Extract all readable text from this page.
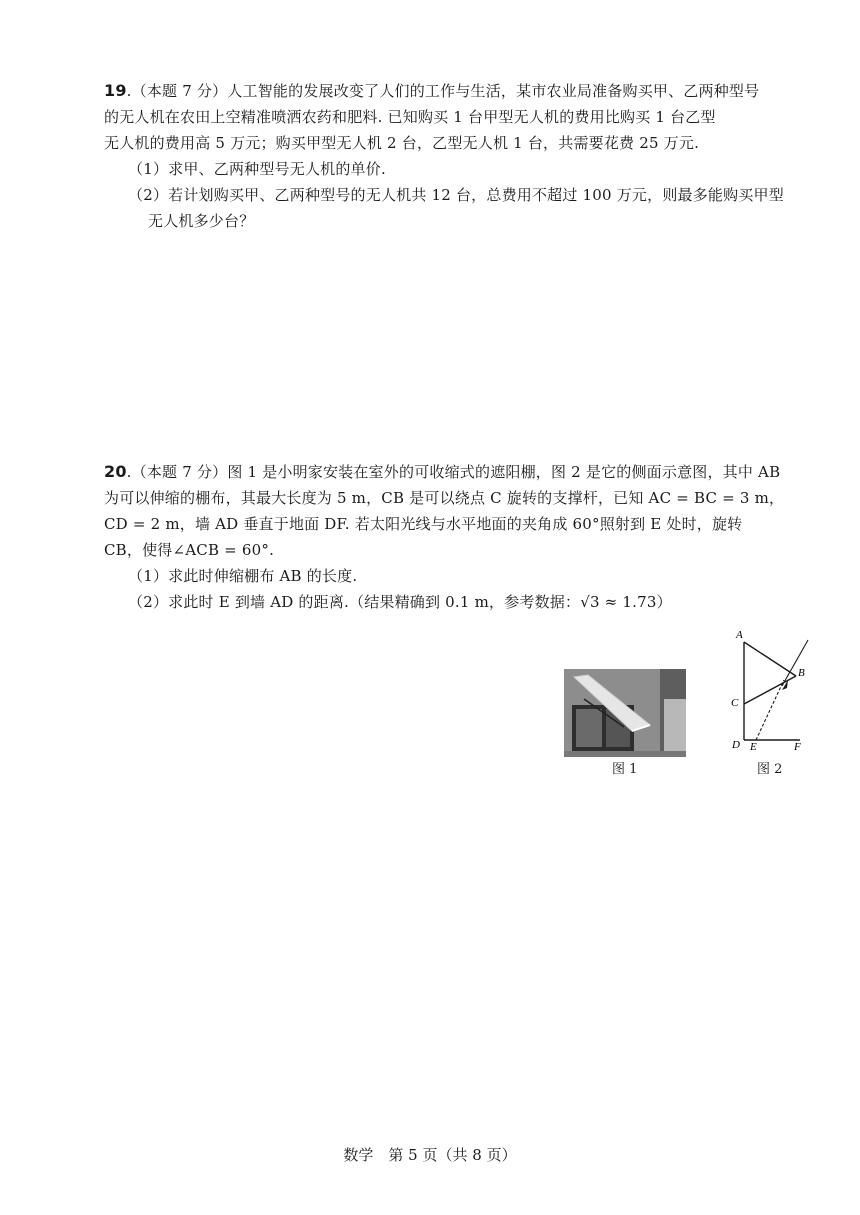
19.（本题 7 分）人工智能的发展改变了人们的工作与生活，某市农业局准备购买甲、乙两种型号
的无人机在农田上空精准喷洒农药和肥料. 已知购买 1 台甲型无人机的费用比购买 1 台乙型
无人机的费用高 5 万元；购买甲型无人机 2 台，乙型无人机 1 台，共需要花费 25 万元.
（1）求甲、乙两种型号无人机的单价.
（2）若计划购买甲、乙两种型号的无人机共 12 台，总费用不超过 100 万元，则最多能购买甲型
无人机多少台？
20.（本题 7 分）图 1 是小明家安装在室外的可收缩式的遮阳棚，图 2 是它的侧面示意图，其中 AB
为可以伸缩的棚布，其最大长度为 5 m，CB 是可以绕点 C 旋转的支撑杆，已知 AC = BC = 3 m，
CD = 2 m，墙 AD 垂直于地面 DF. 若太阳光线与水平地面的夹角成 60°照射到 E 处时，旋转
CB，使得∠ACB = 60°.
（1）求此时伸缩棚布 AB 的长度.
（2）求此时 E 到墙 AD 的距离.（结果精确到 0.1 m，参考数据：√3 ≈ 1.73）
图 1
A
B
C
D E	F
图 2
数学　第 5 页（共 8 页）
